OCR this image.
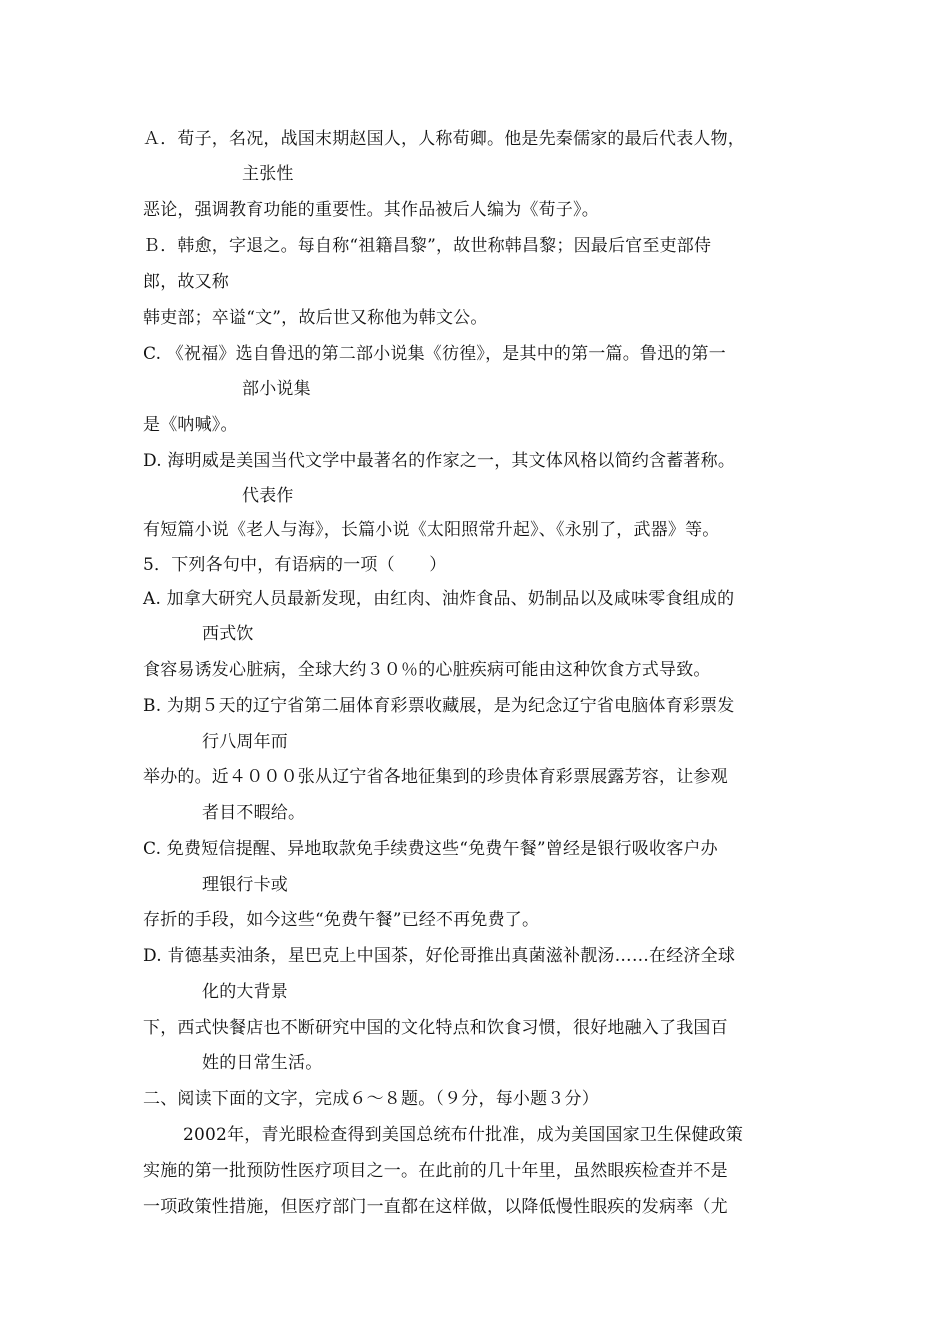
Ａ．荀子，名况，战国末期赵国人，人称荀卿。他是先秦儒家的最后代表人物，
主张性
恶论，强调教育功能的重要性。其作品被后人编为《荀子》。
Ｂ．韩愈，字退之。每自称“祖籍昌黎”，故世称韩昌黎；因最后官至吏部侍
郎，故又称
韩吏部；卒谥“文”，故后世又称他为韩文公。
C. 《祝福》选自鲁迅的第二部小说集《彷徨》，是其中的第一篇。鲁迅的第一
部小说集
是《呐喊》。
D. 海明威是美国当代文学中最著名的作家之一，其文体风格以简约含蓄著称。
代表作
有短篇小说《老人与海》，长篇小说《太阳照常升起》、《永别了，武器》等。
5．下列各句中，有语病的一项（　　）
A. 加拿大研究人员最新发现，由红肉、油炸食品、奶制品以及咸味零食组成的
西式饮
食容易诱发心脏病，全球大约３０％的心脏疾病可能由这种饮食方式导致。
B. 为期５天的辽宁省第二届体育彩票收藏展，是为纪念辽宁省电脑体育彩票发
行八周年而
举办的。近４０００张从辽宁省各地征集到的珍贵体育彩票展露芳容，让参观
者目不暇给。
C. 免费短信提醒、异地取款免手续费这些“免费午餐”曾经是银行吸收客户办
理银行卡或
存折的手段，如今这些“免费午餐”已经不再免费了。
D. 肯德基卖油条，星巴克上中国茶，好伦哥推出真菌滋补靓汤……在经济全球
化的大背景
下，西式快餐店也不断研究中国的文化特点和饮食习惯，很好地融入了我国百
姓的日常生活。
二、阅读下面的文字，完成６～８题。（９分，每小题３分）
2002年，青光眼检查得到美国总统布什批准，成为美国国家卫生保健政策
实施的第一批预防性医疗项目之一。在此前的几十年里，虽然眼疾检查并不是
一项政策性措施，但医疗部门一直都在这样做，以降低慢性眼疾的发病率（尤
